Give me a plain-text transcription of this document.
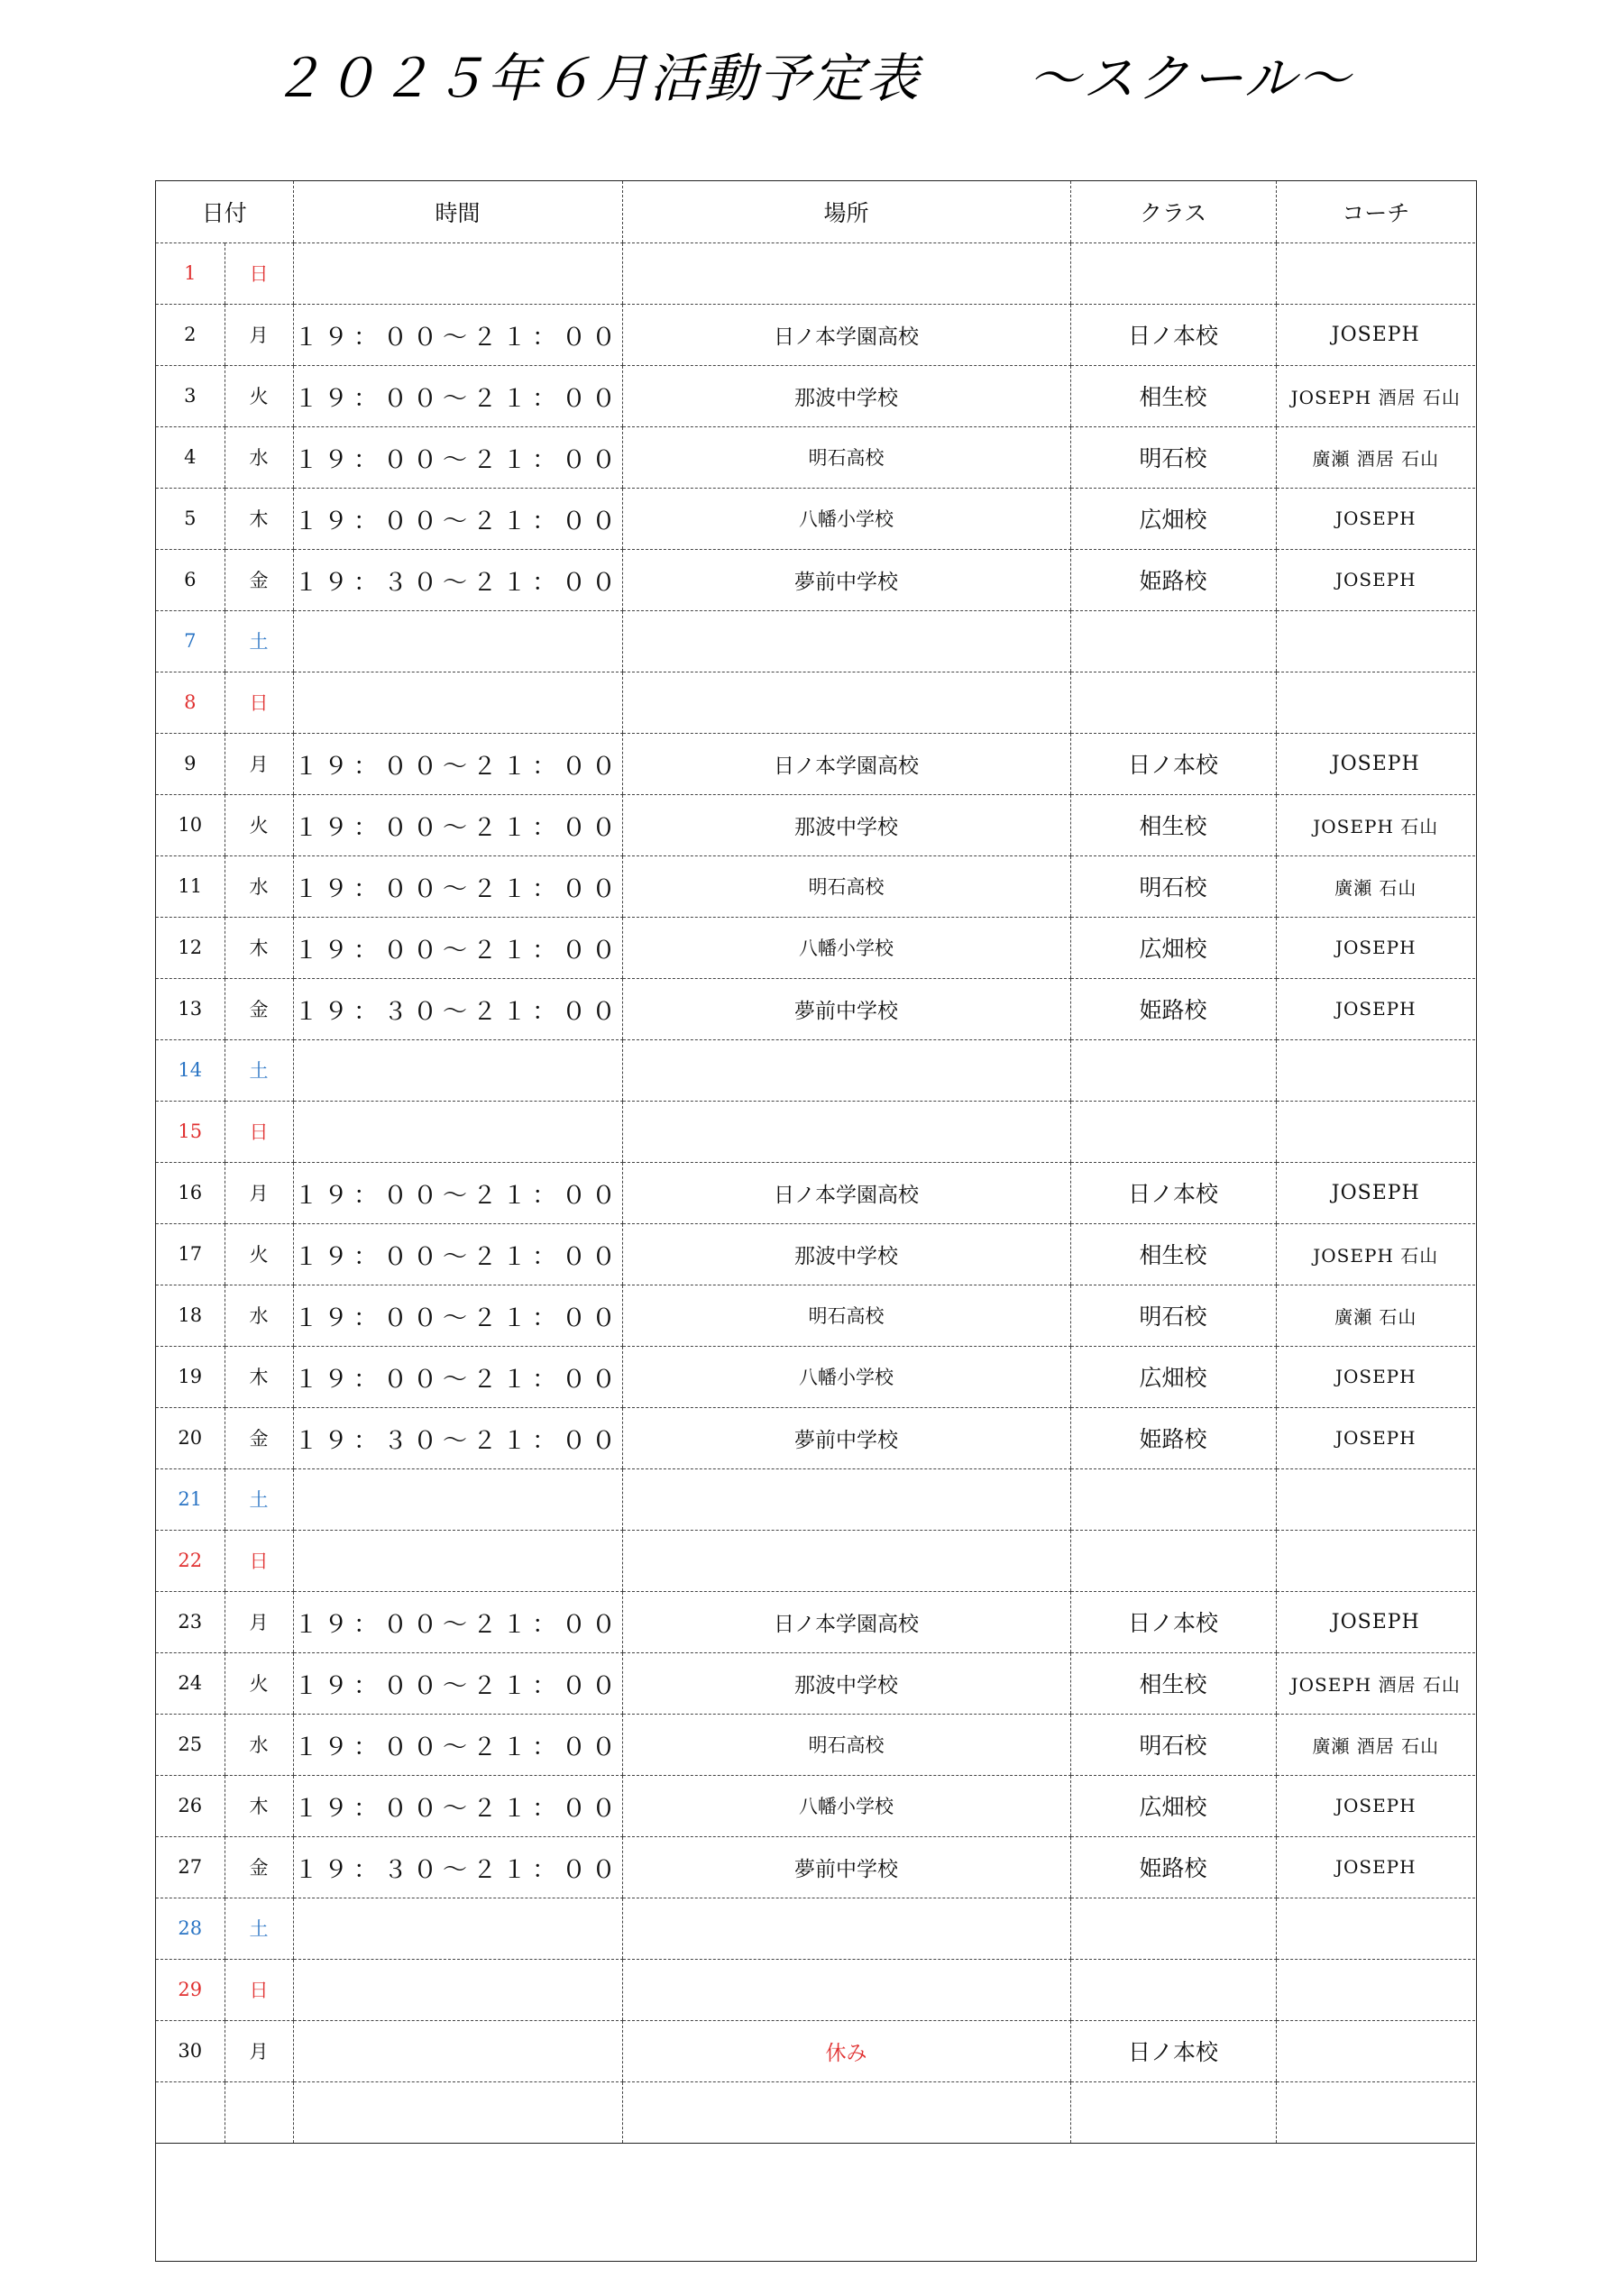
２０２５年６月活動予定表　　～スクール～
日付		時間	場所	クラス	コーチ
1	日				
2	月	１９：００～２１：００	日ノ本学園高校	日ノ本校	JOSEPH
3	火	１９：００～２１：００	那波中学校	相生校	JOSEPH 酒居 石山
4	水	１９：００～２１：００	明石高校	明石校	廣瀬 酒居 石山
5	木	１９：００～２１：００	八幡小学校	広畑校	JOSEPH
6	金	１９：３０～２１：００	夢前中学校	姫路校	JOSEPH
7	土				
8	日				
9	月	１９：００～２１：００	日ノ本学園高校	日ノ本校	JOSEPH
10	火	１９：００～２１：００	那波中学校	相生校	JOSEPH 石山
11	水	１９：００～２１：００	明石高校	明石校	廣瀬 石山
12	木	１９：００～２１：００	八幡小学校	広畑校	JOSEPH
13	金	１９：３０～２１：００	夢前中学校	姫路校	JOSEPH
14	土				
15	日				
16	月	１９：００～２１：００	日ノ本学園高校	日ノ本校	JOSEPH
17	火	１９：００～２１：００	那波中学校	相生校	JOSEPH 石山
18	水	１９：００～２１：００	明石高校	明石校	廣瀬 石山
19	木	１９：００～２１：００	八幡小学校	広畑校	JOSEPH
20	金	１９：３０～２１：００	夢前中学校	姫路校	JOSEPH
21	土				
22	日				
23	月	１９：００～２１：００	日ノ本学園高校	日ノ本校	JOSEPH
24	火	１９：００～２１：００	那波中学校	相生校	JOSEPH 酒居 石山
25	水	１９：００～２１：００	明石高校	明石校	廣瀬 酒居 石山
26	木	１９：００～２１：００	八幡小学校	広畑校	JOSEPH
27	金	１９：３０～２１：００	夢前中学校	姫路校	JOSEPH
28	土				
29	日				
30	月		休み	日ノ本校	
